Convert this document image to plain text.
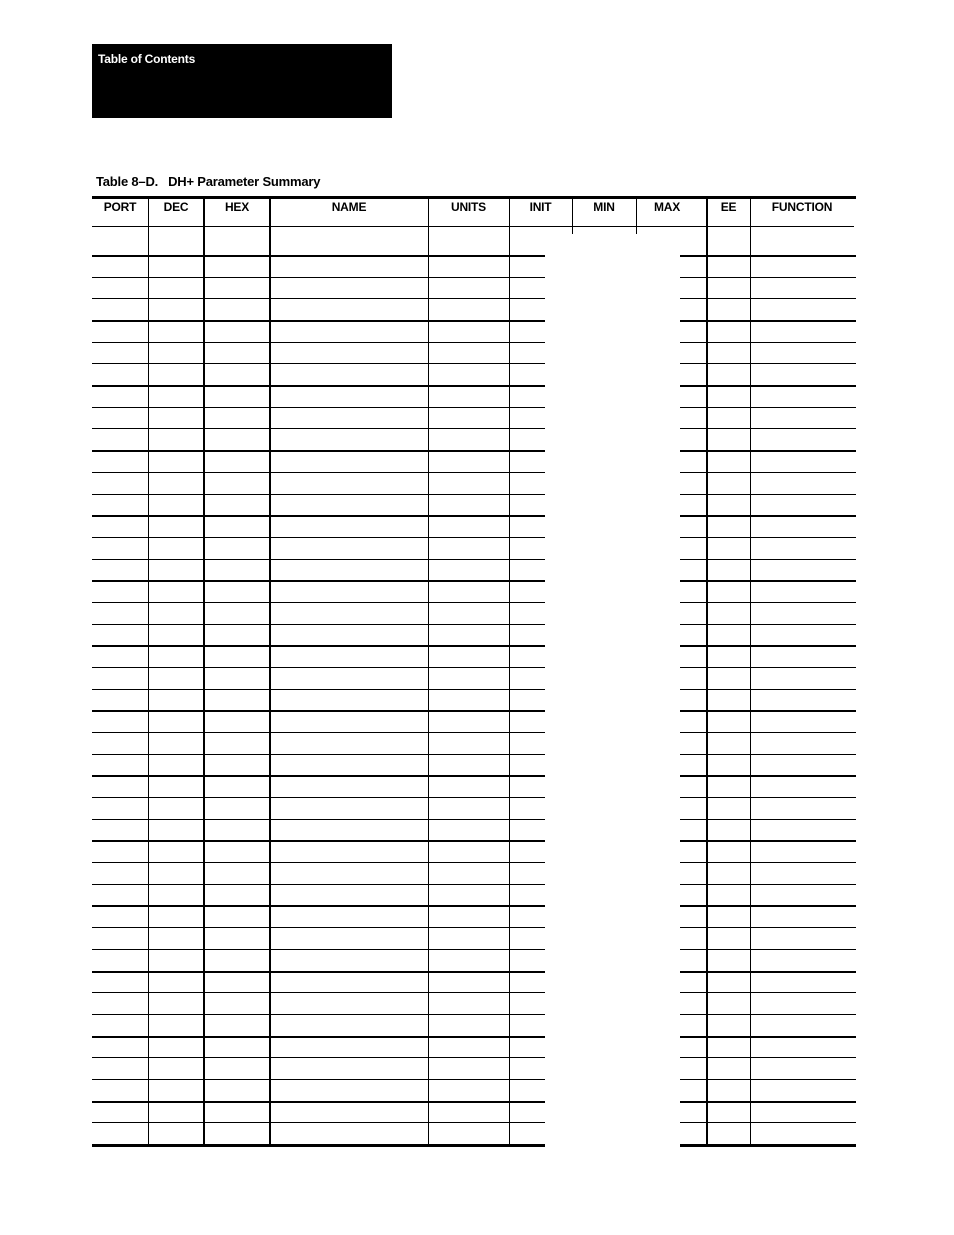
Table of Contents
Table 8–D. DH+ Parameter Summary
PORT	DEC	HEX	NAME	UNITS	INIT	MIN	MAX	EE	FUNCTION
